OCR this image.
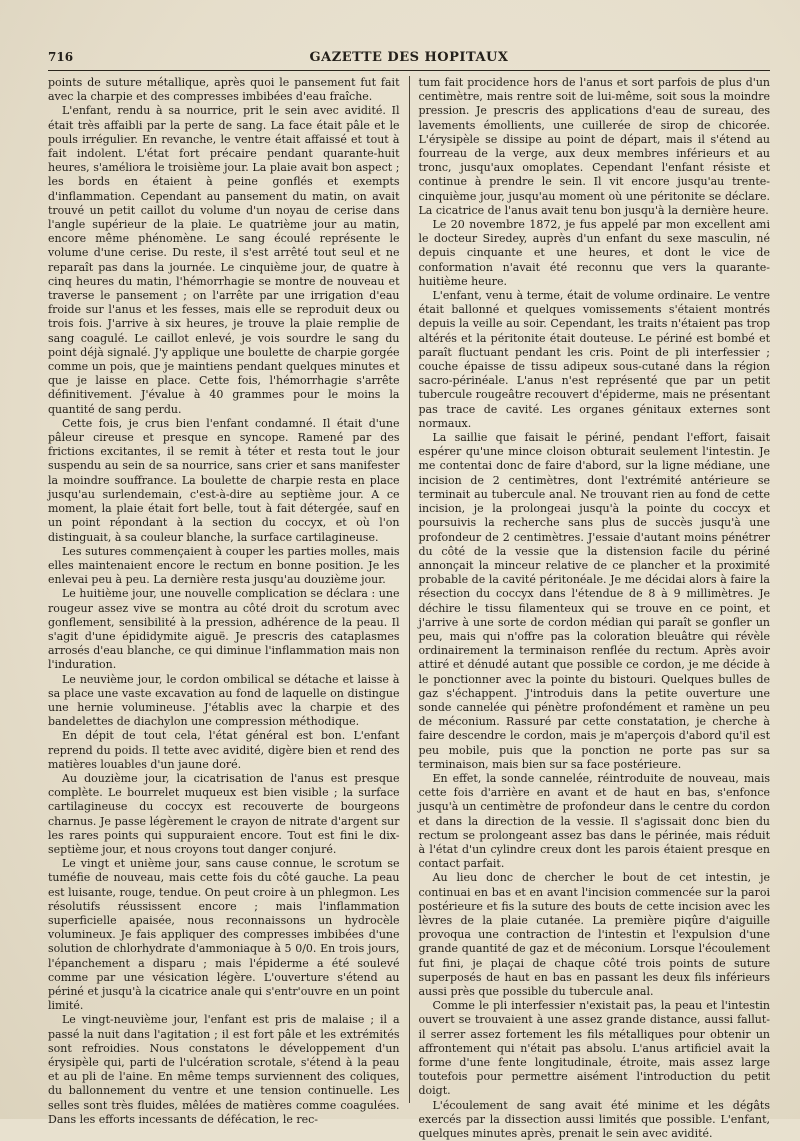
716	GAZETTE DES HOPITAUX

points de suture métallique, après quoi le pansement fut fait avec la charpie et des compresses imbibées d'eau fraîche.

L'enfant, rendu à sa nourrice, prit le sein avec avidité. Il était très affaibli par la perte de sang. La face était pâle et le pouls irrégulier. En revanche, le ventre était affaissé et tout à fait indolent. L'état fort précaire pendant quarante-huit heures, s'améliora le troisième jour. La plaie avait bon aspect ; les bords en étaient à peine gonflés et exempts d'inflammation. Cependant au pansement du matin, on avait trouvé un petit caillot du volume d'un noyau de cerise dans l'angle supérieur de la plaie. Le quatrième jour au matin, encore même phénomène. Le sang écoulé représente le volume d'une cerise. Du reste, il s'est arrêté tout seul et ne reparaît pas dans la journée. Le cinquième jour, de quatre à cinq heures du matin, l'hémorrhagie se montre de nouveau et traverse le pansement ; on l'arrête par une irrigation d'eau froide sur l'anus et les fesses, mais elle se reproduit deux ou trois fois. J'arrive à six heures, je trouve la plaie remplie de sang coagulé. Le caillot enlevé, je vois sourdre le sang du point déjà signalé. J'y applique une boulette de charpie gorgée comme un pois, que je maintiens pendant quelques minutes et que je laisse en place. Cette fois, l'hémorrhagie s'arrête définitivement. J'évalue à 40 grammes pour le moins la quantité de sang perdu.

Cette fois, je crus bien l'enfant condamné. Il était d'une pâleur cireuse et presque en syncope. Ramené par des frictions excitantes, il se remit à téter et resta tout le jour suspendu au sein de sa nourrice, sans crier et sans manifester la moindre souffrance. La boulette de charpie resta en place jusqu'au surlendemain, c'est-à-dire au septième jour. A ce moment, la plaie était fort belle, tout à fait détergée, sauf en un point répondant à la section du coccyx, et où l'on distinguait, à sa couleur blanche, la surface cartilagineuse.

Les sutures commençaient à couper les parties molles, mais elles maintenaient encore le rectum en bonne position. Je les enlevai peu à peu. La dernière resta jusqu'au douzième jour.

Le huitième jour, une nouvelle complication se déclara : une rougeur assez vive se montra au côté droit du scrotum avec gonflement, sensibilité à la pression, adhérence de la peau. Il s'agit d'une épididymite aiguë. Je prescris des cataplasmes arrosés d'eau blanche, ce qui diminue l'inflammation mais non l'induration.

Le neuvième jour, le cordon ombilical se détache et laisse à sa place une vaste excavation au fond de laquelle on distingue une hernie volumineuse. J'établis avec la charpie et des bandelettes de diachylon une compression méthodique.

En dépit de tout cela, l'état général est bon. L'enfant reprend du poids. Il tette avec avidité, digère bien et rend des matières louables d'un jaune doré.

Au douzième jour, la cicatrisation de l'anus est presque complète. Le bourrelet muqueux est bien visible ; la surface cartilagineuse du coccyx est recouverte de bourgeons charnus. Je passe légèrement le crayon de nitrate d'argent sur les rares points qui suppuraient encore. Tout est fini le dix-septième jour, et nous croyons tout danger conjuré.

Le vingt et unième jour, sans cause connue, le scrotum se tuméfie de nouveau, mais cette fois du côté gauche. La peau est luisante, rouge, tendue. On peut croire à un phlegmon. Les résolutifs réussissent encore ; mais l'inflammation superficielle apaisée, nous reconnaissons un hydrocèle volumineux. Je fais appliquer des compresses imbibées d'une solution de chlorhydrate d'ammoniaque à 5 0/0. En trois jours, l'épanchement a disparu ; mais l'épiderme a été soulevé comme par une vésication légère. L'ouverture s'étend au périné et jusqu'à la cicatrice anale qui s'entr'ouvre en un point limité.

Le vingt-neuvième jour, l'enfant est pris de malaise ; il a passé la nuit dans l'agitation ; il est fort pâle et les extrémités sont refroidies. Nous constatons le développement d'un érysipèle qui, parti de l'ulcération scrotale, s'étend à la peau et au pli de l'aine. En même temps surviennent des coliques, du ballonnement du ventre et une tension continuelle. Les selles sont très fluides, mêlées de matières comme coagulées. Dans les efforts incessants de défécation, le rec-

tum fait procidence hors de l'anus et sort parfois de plus d'un centimètre, mais rentre soit de lui-même, soit sous la moindre pression. Je prescris des applications d'eau de sureau, des lavements émollients, une cuillerée de sirop de chicorée. L'érysipèle se dissipe au point de départ, mais il s'étend au fourreau de la verge, aux deux membres inférieurs et au tronc, jusqu'aux omoplates. Cependant l'enfant résiste et continue à prendre le sein. Il vit encore jusqu'au trente-cinquième jour, jusqu'au moment où une péritonite se déclare. La cicatrice de l'anus avait tenu bon jusqu'à la dernière heure.

Le 20 novembre 1872, je fus appelé par mon excellent ami le docteur Siredey, auprès d'un enfant du sexe masculin, né depuis cinquante et une heures, et dont le vice de conformation n'avait été reconnu que vers la quarante-huitième heure.

L'enfant, venu à terme, était de volume ordinaire. Le ventre était ballonné et quelques vomissements s'étaient montrés depuis la veille au soir. Cependant, les traits n'étaient pas trop altérés et la péritonite était douteuse. Le périné est bombé et paraît fluctuant pendant les cris. Point de pli interfessier ; couche épaisse de tissu adipeux sous-cutané dans la région sacro-périnéale. L'anus n'est représenté que par un petit tubercule rougeâtre recouvert d'épiderme, mais ne présentant pas trace de cavité. Les organes génitaux externes sont normaux.

La saillie que faisait le périné, pendant l'effort, faisait espérer qu'une mince cloison obturait seulement l'intestin. Je me contentai donc de faire d'abord, sur la ligne médiane, une incision de 2 centimètres, dont l'extrémité antérieure se terminait au tubercule anal. Ne trouvant rien au fond de cette incision, je la prolongeai jusqu'à la pointe du coccyx et poursuivis la recherche sans plus de succès jusqu'à une profondeur de 2 centimètres. J'essaie d'autant moins pénétrer du côté de la vessie que la distension facile du périné annonçait la minceur relative de ce plancher et la proximité probable de la cavité péritonéale. Je me décidai alors à faire la résection du coccyx dans l'étendue de 8 à 9 millimètres. Je déchire le tissu filamenteux qui se trouve en ce point, et j'arrive à une sorte de cordon médian qui paraît se gonfler un peu, mais qui n'offre pas la coloration bleuâtre qui révèle ordinairement la terminaison renflée du rectum. Après avoir attiré et dénudé autant que possible ce cordon, je me décide à le ponctionner avec la pointe du bistouri. Quelques bulles de gaz s'échappent. J'introduis dans la petite ouverture une sonde cannelée qui pénètre profondément et ramène un peu de méconium. Rassuré par cette constatation, je cherche à faire descendre le cordon, mais je m'aperçois d'abord qu'il est peu mobile, puis que la ponction ne porte pas sur sa terminaison, mais bien sur sa face postérieure.

En effet, la sonde cannelée, réintroduite de nouveau, mais cette fois d'arrière en avant et de haut en bas, s'enfonce jusqu'à un centimètre de profondeur dans le centre du cordon et dans la direction de la vessie. Il s'agissait donc bien du rectum se prolongeant assez bas dans le périnée, mais réduit à l'état d'un cylindre creux dont les parois étaient presque en contact parfait.

Au lieu donc de chercher le bout de cet intestin, je continuai en bas et en avant l'incision commencée sur la paroi postérieure et fis la suture des bouts de cette incision avec les lèvres de la plaie cutanée. La première piqûre d'aiguille provoqua une contraction de l'intestin et l'expulsion d'une grande quantité de gaz et de méconium. Lorsque l'écoulement fut fini, je plaçai de chaque côté trois points de suture superposés de haut en bas en passant les deux fils inférieurs aussi près que possible du tubercule anal.

Comme le pli interfessier n'existait pas, la peau et l'intestin ouvert se trouvaient à une assez grande distance, aussi fallut-il serrer assez fortement les fils métalliques pour obtenir un affrontement qui n'était pas absolu. L'anus artificiel avait la forme d'une fente longitudinale, étroite, mais assez large toutefois pour permettre aisément l'introduction du petit doigt.

L'écoulement de sang avait été minime et les dégâts exercés par la dissection aussi limités que possible. L'enfant, quelques minutes après, prenait le sein avec avidité.
